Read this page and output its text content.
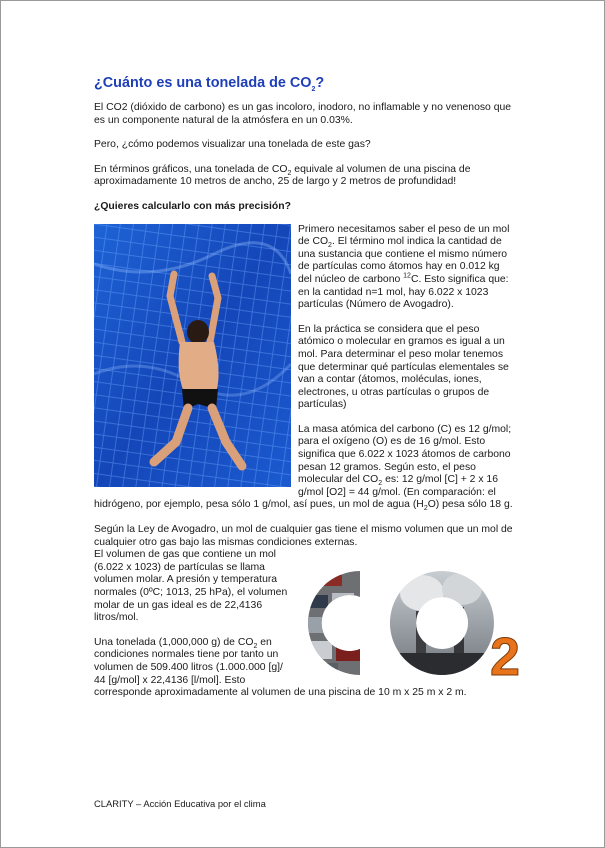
¿Cuánto es una tonelada de $CO_2$?

El CO2 (dióxido de carbono) es un gas incoloro, inodoro, no inflamable y no venenoso que es un componente natural de la atmósfera en un 0.03%.

Pero, ¿cómo podemos visualizar una tonelada de este gas?

En términos gráficos, una tonelada de $CO_2$ equivale al volumen de una piscina de aproximadamente 10 metros de ancho, 25 de largo y 2 metros de profundidad!

¿Quieres calcularlo con más precisión?

Primero necesitamos saber el peso de un mol de $CO_2$. El término mol indica la cantidad de una sustancia que contiene el mismo número de partículas como átomos hay en 0.012 kg del núcleo de carbono $^{12}$C. Esto significa que: en la cantidad n=1 mol, hay 6.022 x 1023 partículas (Número de Avogadro).

En la práctica se considera que el peso atómico o molecular en gramos es igual a un mol. Para determinar el peso molar tenemos que determinar qué partículas elementales se van a contar (átomos, moléculas, iones, electrones, u otras partículas o grupos de partículas)

La masa atómica del carbono (C) es 12 g/mol; para el oxígeno (O) es de 16 g/mol. Esto significa que 6.022 x 1023 átomos de carbono pesan 12 gramos. Según esto, el peso molecular del $CO_2$ es: 12 g/mol [C] + 2 x 16 g/mol [O2] = 44 g/mol. (En comparación: el hidrógeno, por ejemplo, pesa sólo 1 g/mol, así pues, un mol de agua $(H_2O)$ pesa sólo 18 g.

Según la Ley de Avogadro, un mol de cualquier gas tiene el mismo volumen que un mol de cualquier otro gas bajo las mismas condiciones externas.

2

El volumen de gas que contiene un mol (6.022 x 1023) de partículas se llama volumen molar. A presión y temperatura normales (0ºC; 1013, 25 hPa), el volumen molar de un gas ideal es de 22,4136 litros/mol.

Una tonelada (1,000,000 g) de $CO_2$ en condiciones normales tiene por tanto un volumen de 509.400 litros (1.000.000 [g]/ 44 [g/mol] x 22,4136 [l/mol]. Esto corresponde aproximadamente al volumen de una piscina de 10 m x 25 m x 2 m.

CLARITY – Acción Educativa por el clima
